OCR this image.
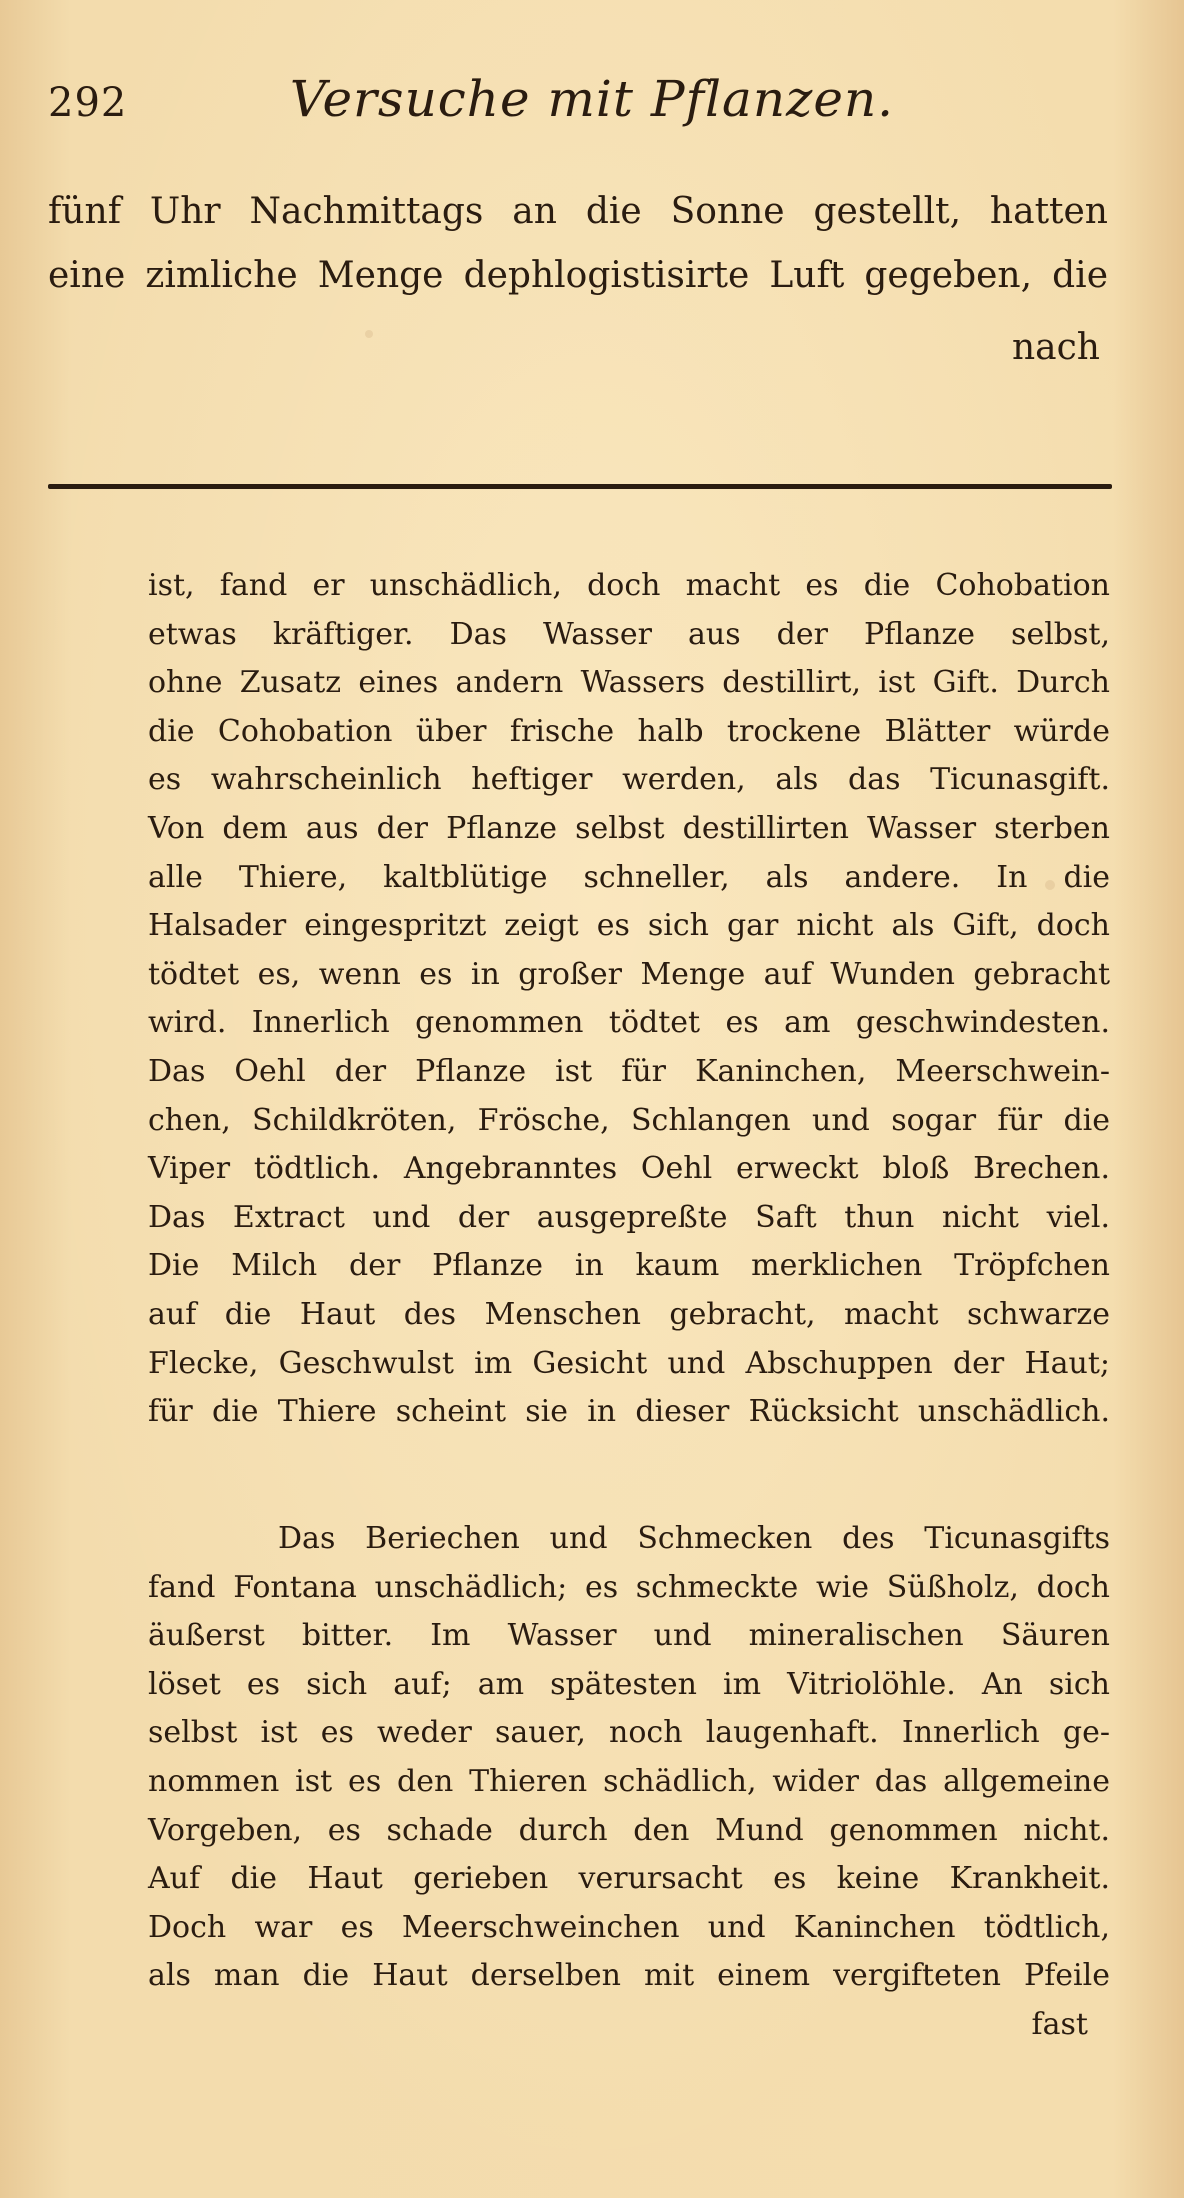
292	Versuche mit Pflanzen.
fünf Uhr Nachmittags an die Sonne gestellt, hatten
eine zimliche Menge dephlogistisirte Luft gegeben, die
nach
ist, fand er unschädlich, doch macht es die Cohobation
etwas kräftiger. Das Wasser aus der Pflanze selbst,
ohne Zusatz eines andern Wassers destillirt, ist Gift. Durch
die Cohobation über frische halb trockene Blätter würde
es wahrscheinlich heftiger werden, als das Ticunasgift.
Von dem aus der Pflanze selbst destillirten Wasser sterben
alle Thiere, kaltblütige schneller, als andere. In die
Halsader eingespritzt zeigt es sich gar nicht als Gift, doch
tödtet es, wenn es in großer Menge auf Wunden gebracht
wird. Innerlich genommen tödtet es am geschwindesten.
Das Oehl der Pflanze ist für Kaninchen, Meerschwein-
chen, Schildkröten, Frösche, Schlangen und sogar für die
Viper tödtlich. Angebranntes Oehl erweckt bloß Brechen.
Das Extract und der ausgepreßte Saft thun nicht viel.
Die Milch der Pflanze in kaum merklichen Tröpfchen
auf die Haut des Menschen gebracht, macht schwarze
Flecke, Geschwulst im Gesicht und Abschuppen der Haut;
für die Thiere scheint sie in dieser Rücksicht unschädlich.
Das Beriechen und Schmecken des Ticunasgifts
fand Fontana unschädlich; es schmeckte wie Süßholz, doch
äußerst bitter. Im Wasser und mineralischen Säuren
löset es sich auf; am spätesten im Vitriolöhle. An sich
selbst ist es weder sauer, noch laugenhaft. Innerlich ge-
nommen ist es den Thieren schädlich, wider das allgemeine
Vorgeben, es schade durch den Mund genommen nicht.
Auf die Haut gerieben verursacht es keine Krankheit.
Doch war es Meerschweinchen und Kaninchen tödtlich,
als man die Haut derselben mit einem vergifteten Pfeile
fast
